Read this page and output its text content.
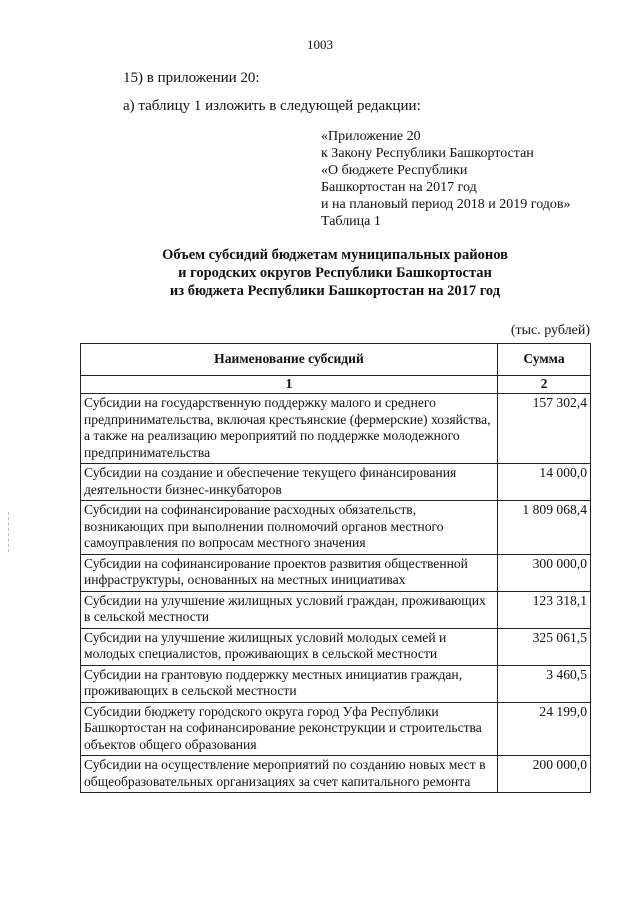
1003
15) в приложении 20:
а) таблицу 1 изложить в следующей редакции:
«Приложение 20
к Закону Республики Башкортостан
«О бюджете Республики
Башкортостан на 2017 год
и на плановый период 2018 и 2019 годов»
Таблица 1
Объем субсидий бюджетам муниципальных районов
и городских округов Республики Башкортостан
из бюджета Республики Башкортостан на 2017 год
(тыс. рублей)
Наименование субсидий	Сумма
1	2
Субсидии на государственную поддержку малого и среднего предпринимательства, включая крестьянские (фермерские) хозяйства, а также на реализацию мероприятий по поддержке молодежного предпринимательства	157 302,4
Субсидии на создание и обеспечение текущего финансирования деятельности бизнес-инкубаторов	14 000,0
Субсидии на софинансирование расходных обязательств, возникающих при выполнении полномочий органов местного самоуправления по вопросам местного значения	1 809 068,4
Субсидии на софинансирование проектов развития общественной инфраструктуры, основанных на местных инициативах	300 000,0
Субсидии на улучшение жилищных условий граждан, проживающих в сельской местности	123 318,1
Субсидии на улучшение жилищных условий молодых семей и молодых специалистов, проживающих в сельской местности	325 061,5
Субсидии на грантовую поддержку местных инициатив граждан, проживающих в сельской местности	3 460,5
Субсидии бюджету городского округа город Уфа Республики Башкортостан на софинансирование реконструкции и строительства объектов общего образования	24 199,0
Субсидии на осуществление мероприятий по созданию новых мест в общеобразовательных организациях за счет капитального ремонта	200 000,0
